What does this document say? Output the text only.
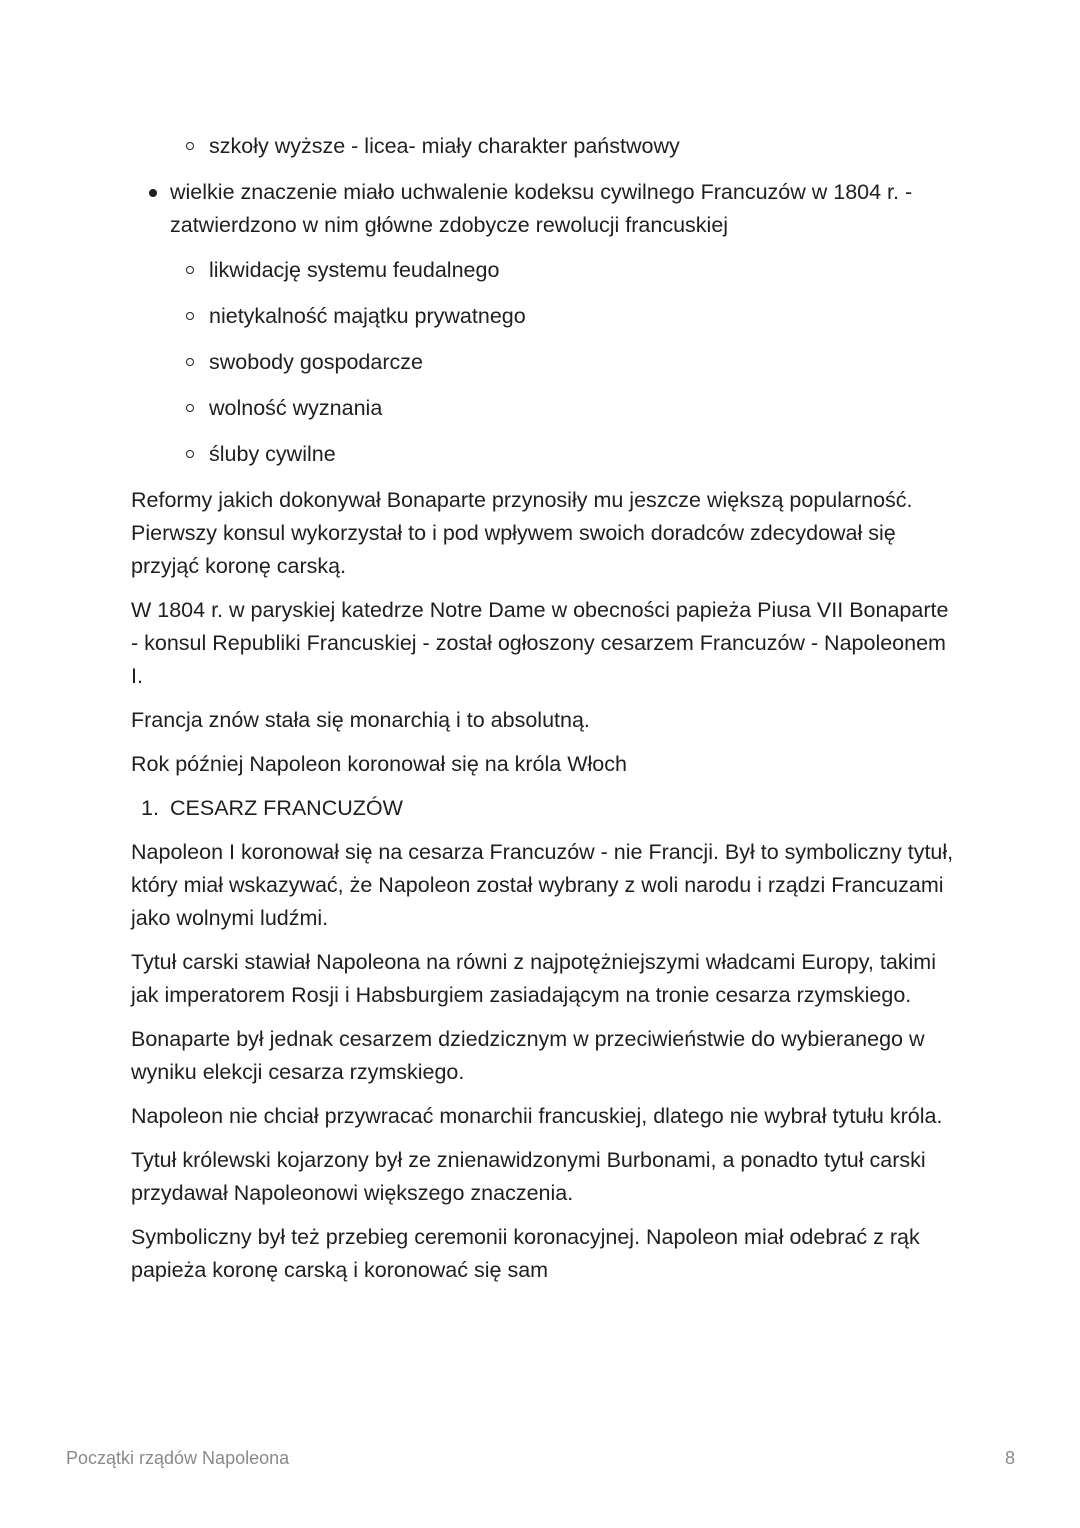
szkoły wyższe - licea- miały charakter państwowy
wielkie znaczenie miało uchwalenie kodeksu cywilnego Francuzów w 1804 r. - zatwierdzono w nim główne zdobycze rewolucji francuskiej
likwidację systemu feudalnego
nietykalność majątku prywatnego
swobody gospodarcze
wolność wyznania
śluby cywilne

Reformy jakich dokonywał Bonaparte przynosiły mu jeszcze większą popularność. Pierwszy konsul wykorzystał to i pod wpływem swoich doradców zdecydował się przyjąć koronę carską.

W 1804 r. w paryskiej katedrze Notre Dame w obecności papieża Piusa VII Bonaparte - konsul Republiki Francuskiej - został ogłoszony cesarzem Francuzów - Napoleonem I.

Francja znów stała się monarchią i to absolutną.

Rok później Napoleon koronował się na króla Włoch

1. CESARZ FRANCUZÓW

Napoleon I koronował się na cesarza Francuzów - nie Francji. Był to symboliczny tytuł, który miał wskazywać, że Napoleon został wybrany z woli narodu i rządzi Francuzami jako wolnymi ludźmi.

Tytuł carski stawiał Napoleona na równi z najpotężniejszymi władcami Europy, takimi jak imperatorem Rosji i Habsburgiem zasiadającym na tronie cesarza rzymskiego.

Bonaparte był jednak cesarzem dziedzicznym w przeciwieństwie do wybieranego w wyniku elekcji cesarza rzymskiego.

Napoleon nie chciał przywracać monarchii francuskiej, dlatego nie wybrał tytułu króla.

Tytuł królewski kojarzony był ze znienawidzonymi Burbonami, a ponadto tytuł carski przydawał Napoleonowi większego znaczenia.

Symboliczny był też przebieg ceremonii koronacyjnej. Napoleon miał odebrać z rąk papieża koronę carską i koronować się sam

Początki rządów Napoleona	8
